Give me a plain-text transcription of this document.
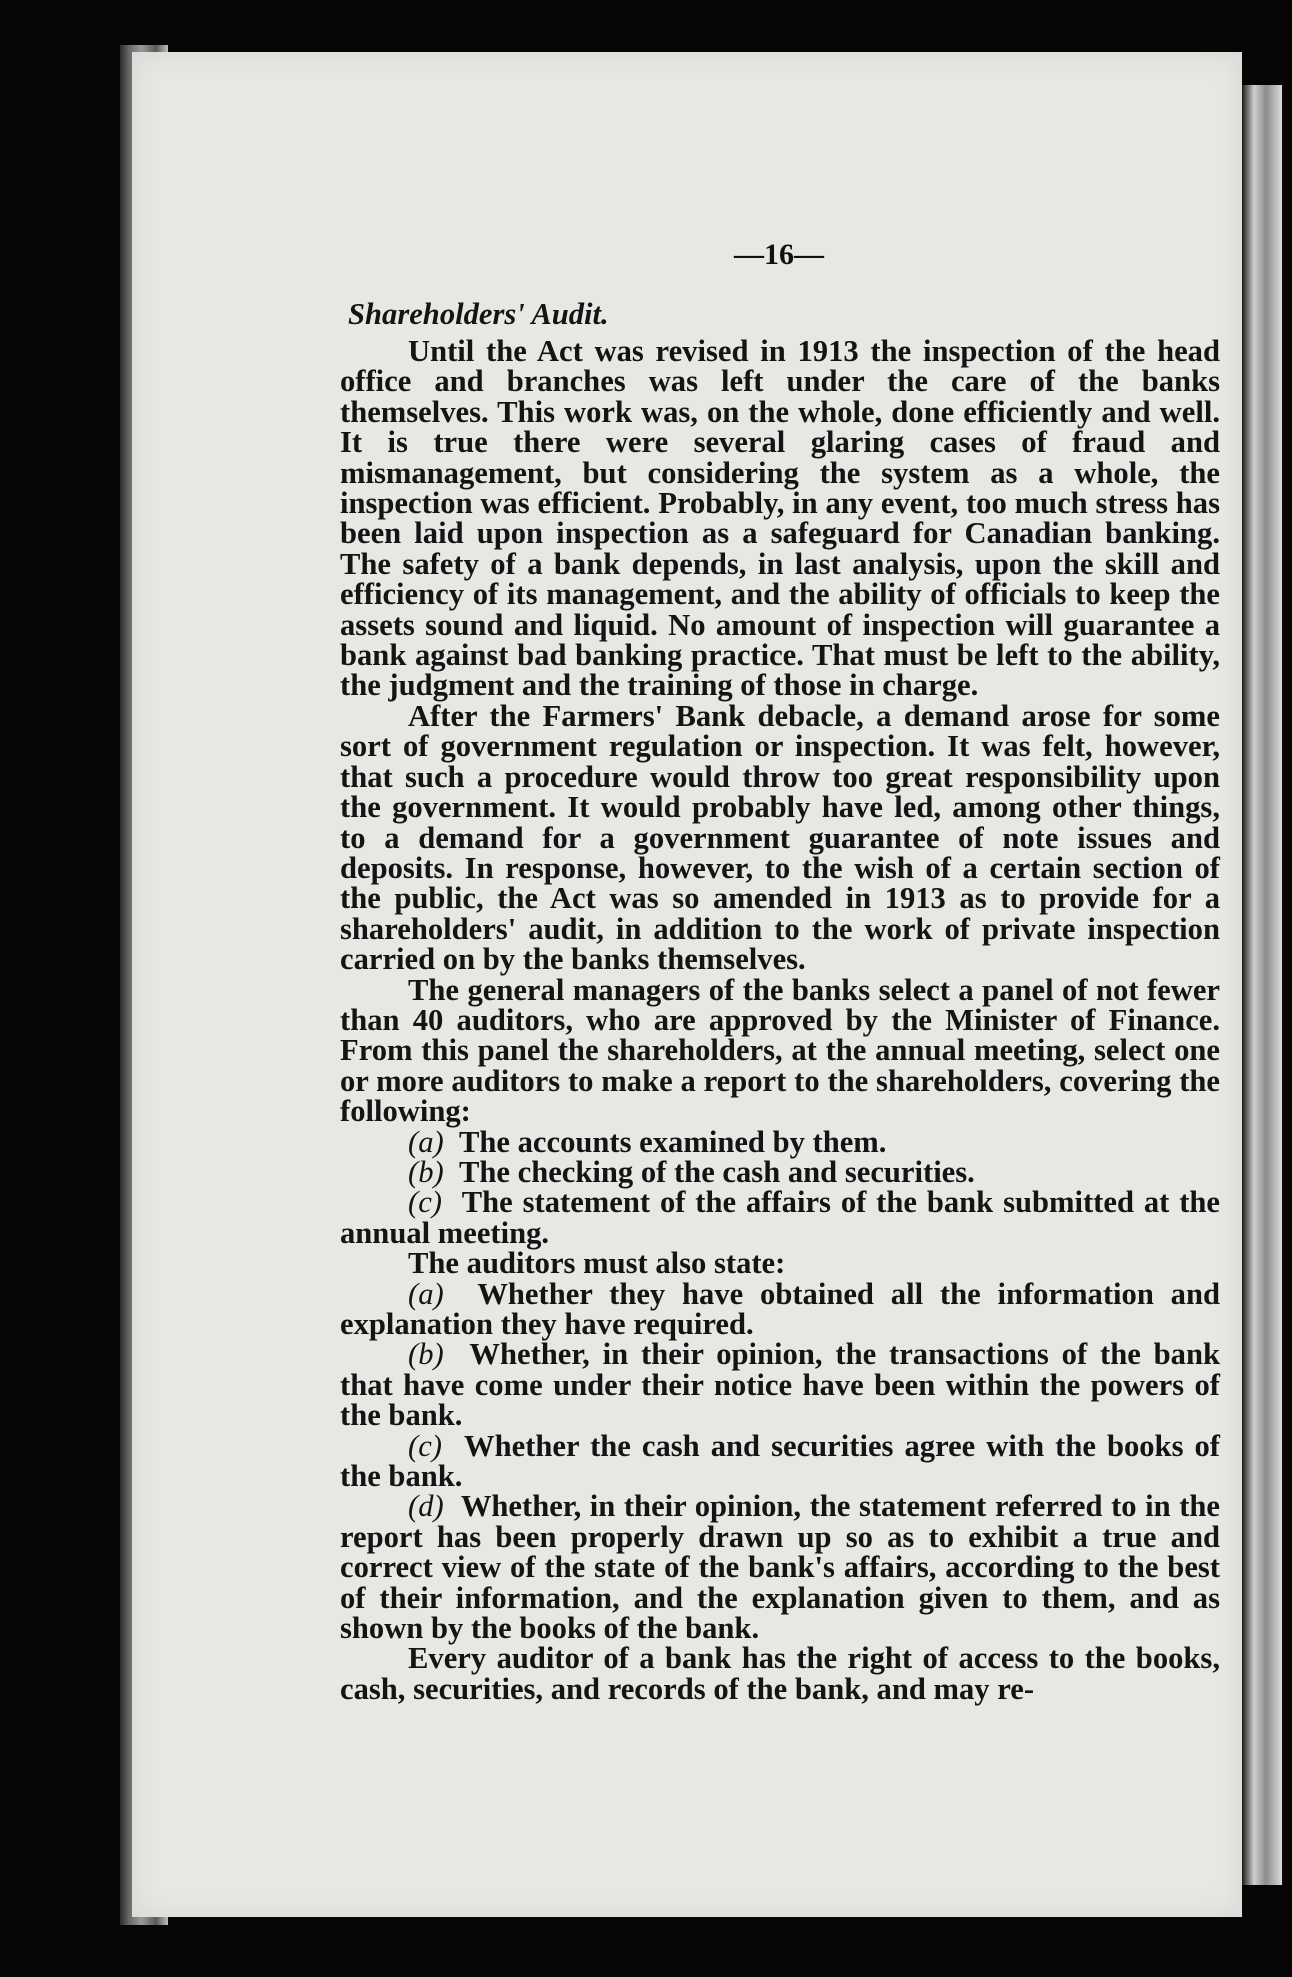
—16—

Shareholders' Audit.

Until the Act was revised in 1913 the inspection of the head office and branches was left under the care of the banks themselves. This work was, on the whole, done efficiently and well. It is true there were several glaring cases of fraud and mismanagement, but considering the system as a whole, the inspection was efficient. Probably, in any event, too much stress has been laid upon inspection as a safeguard for Canadian banking. The safety of a bank depends, in last analysis, upon the skill and efficiency of its management, and the ability of officials to keep the assets sound and liquid. No amount of inspection will guarantee a bank against bad banking practice. That must be left to the ability, the judgment and the training of those in charge.

After the Farmers' Bank debacle, a demand arose for some sort of government regulation or inspection. It was felt, however, that such a procedure would throw too great responsibility upon the government. It would probably have led, among other things, to a demand for a government guarantee of note issues and deposits. In response, however, to the wish of a certain section of the public, the Act was so amended in 1913 as to provide for a shareholders' audit, in addition to the work of private inspection carried on by the banks themselves.

The general managers of the banks select a panel of not fewer than 40 auditors, who are approved by the Minister of Finance. From this panel the shareholders, at the annual meeting, select one or more auditors to make a report to the shareholders, covering the following:

(a) The accounts examined by them.

(b) The checking of the cash and securities.

(c) The statement of the affairs of the bank submitted at the annual meeting.

The auditors must also state:

(a) Whether they have obtained all the information and explanation they have required.

(b) Whether, in their opinion, the transactions of the bank that have come under their notice have been within the powers of the bank.

(c) Whether the cash and securities agree with the books of the bank.

(d) Whether, in their opinion, the statement referred to in the report has been properly drawn up so as to exhibit a true and correct view of the state of the bank's affairs, according to the best of their information, and the explanation given to them, and as shown by the books of the bank.

Every auditor of a bank has the right of access to the books, cash, securities, and records of the bank, and may re-
